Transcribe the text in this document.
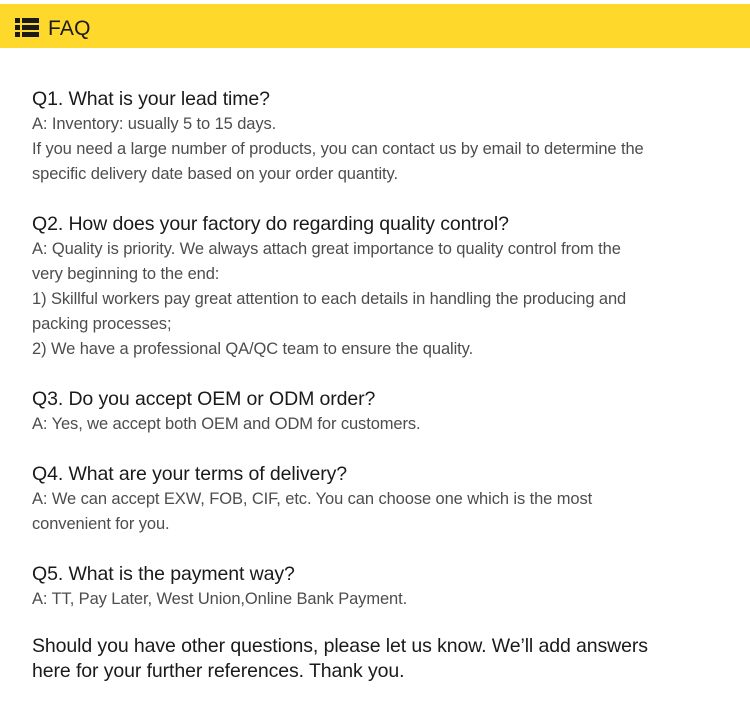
FAQ

Q1. What is your lead time?

A: Inventory: usually 5 to 15 days.

If you need a large number of products, you can contact us by email to determine the

specific delivery date based on your order quantity.

Q2. How does your factory do regarding quality control?

A: Quality is priority. We always attach great importance to quality control from the

very beginning to the end:

1) Skillful workers pay great attention to each details in handling the producing and

packing processes;

2) We have a professional QA/QC team to ensure the quality.

Q3. Do you accept OEM or ODM order?

A: Yes, we accept both OEM and ODM for customers.

Q4. What are your terms of delivery?

A: We can accept EXW, FOB, CIF, etc. You can choose one which is the most

convenient for you.

Q5. What is the payment way?

A: TT, Pay Later, West Union,Online Bank Payment.

Should you have other questions, please let us know. We’ll add answers
here for your further references. Thank you.
